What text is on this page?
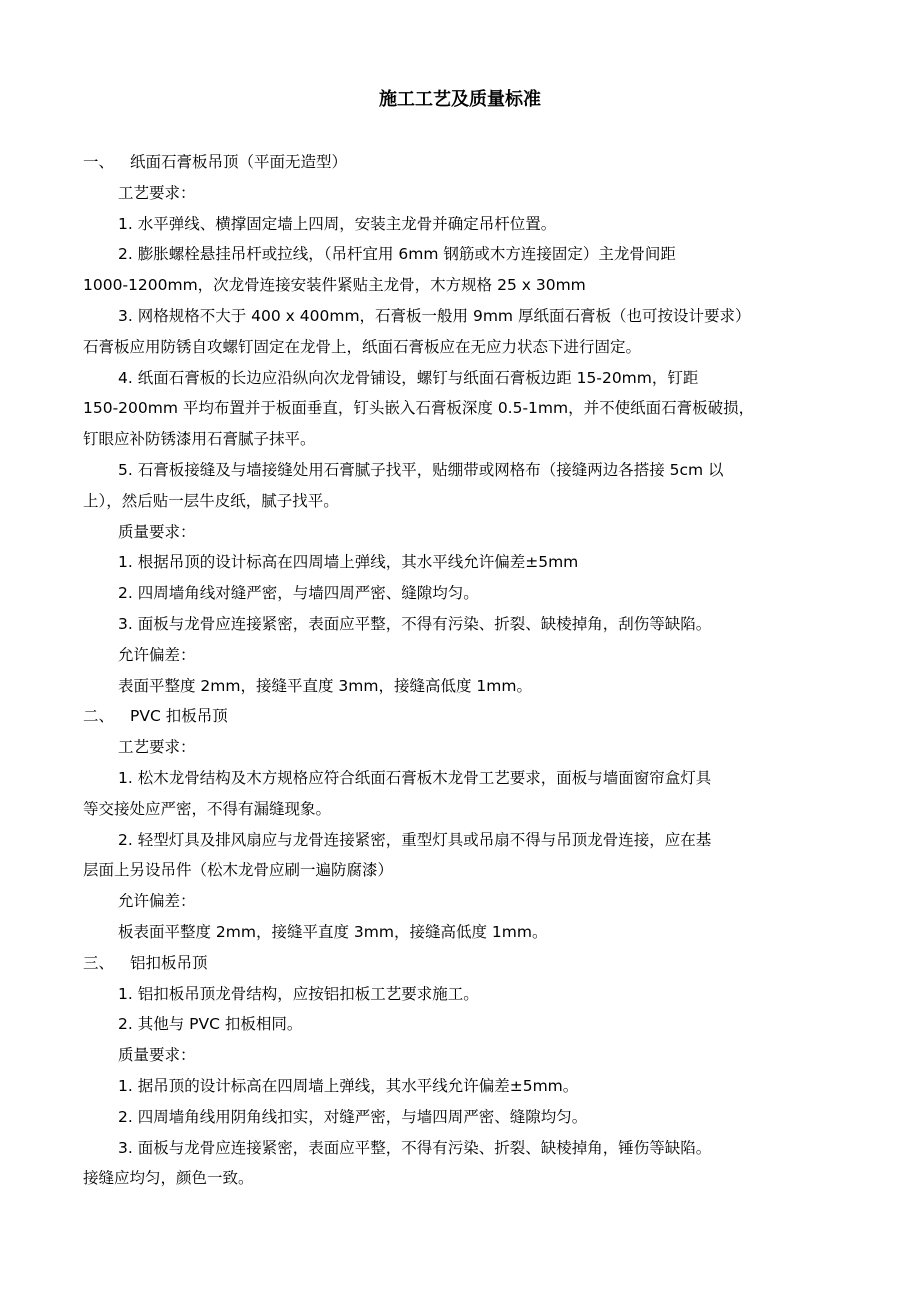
施工工艺及质量标准
一、 纸面石膏板吊顶（平面无造型）
工艺要求：
1. 水平弹线、横撑固定墙上四周，安装主龙骨并确定吊杆位置。
2. 膨胀螺栓悬挂吊杆或拉线，（吊杆宜用 6mm 钢筋或木方连接固定）主龙骨间距
1000-1200mm，次龙骨连接安装件紧贴主龙骨，木方规格 25 x 30mm
3. 网格规格不大于 400 x 400mm，石膏板一般用 9mm 厚纸面石膏板（也可按设计要求）
石膏板应用防锈自攻螺钉固定在龙骨上，纸面石膏板应在无应力状态下进行固定。
4. 纸面石膏板的长边应沿纵向次龙骨铺设，螺钉与纸面石膏板边距 15-20mm，钉距
150-200mm 平均布置并于板面垂直，钉头嵌入石膏板深度 0.5-1mm，并不使纸面石膏板破损，
钉眼应补防锈漆用石膏腻子抹平。
5. 石膏板接缝及与墙接缝处用石膏腻子找平，贴绷带或网格布（接缝两边各搭接 5cm 以
上），然后贴一层牛皮纸，腻子找平。
质量要求：
1. 根据吊顶的设计标高在四周墙上弹线，其水平线允许偏差±5mm
2. 四周墙角线对缝严密，与墙四周严密、缝隙均匀。
3. 面板与龙骨应连接紧密，表面应平整，不得有污染、折裂、缺棱掉角，刮伤等缺陷。
允许偏差：
表面平整度 2mm，接缝平直度 3mm，接缝高低度 1mm。
二、 PVC 扣板吊顶
工艺要求：
1. 松木龙骨结构及木方规格应符合纸面石膏板木龙骨工艺要求，面板与墙面窗帘盒灯具
等交接处应严密，不得有漏缝现象。
2. 轻型灯具及排风扇应与龙骨连接紧密，重型灯具或吊扇不得与吊顶龙骨连接，应在基
层面上另设吊件（松木龙骨应刷一遍防腐漆）
允许偏差：
板表面平整度 2mm，接缝平直度 3mm，接缝高低度 1mm。
三、 铝扣板吊顶
1. 铝扣板吊顶龙骨结构，应按铝扣板工艺要求施工。
2. 其他与 PVC 扣板相同。
质量要求：
1. 据吊顶的设计标高在四周墙上弹线，其水平线允许偏差±5mm。
2. 四周墙角线用阴角线扣实，对缝严密，与墙四周严密、缝隙均匀。
3. 面板与龙骨应连接紧密，表面应平整，不得有污染、折裂、缺棱掉角，锤伤等缺陷。
接缝应均匀，颜色一致。
